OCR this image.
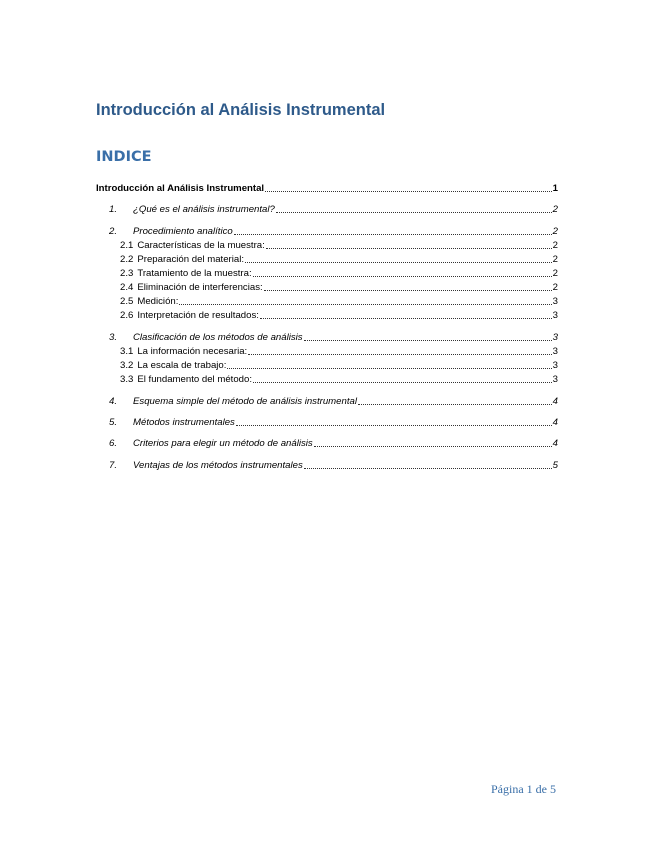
Introducción al Análisis Instrumental
INDICE
Introducción al Análisis Instrumental	1
1.	¿Qué es el análisis instrumental?	2
2.	Procedimiento analítico	2
2.1 Características de la muestra:	2
2.2 Preparación del material:	2
2.3 Tratamiento de la muestra:	2
2.4 Eliminación de interferencias:	2
2.5 Medición:	3
2.6 Interpretación de resultados:	3
3.	Clasificación de los métodos de análisis	3
3.1 La información necesaria:	3
3.2 La escala de trabajo:	3
3.3 El fundamento del método:	3
4.	Esquema simple del método de análisis instrumental	4
5.	Métodos instrumentales	4
6.	Criterios para elegir un método de análisis	4
7.	Ventajas de los métodos instrumentales	5
Página 1 de 5
